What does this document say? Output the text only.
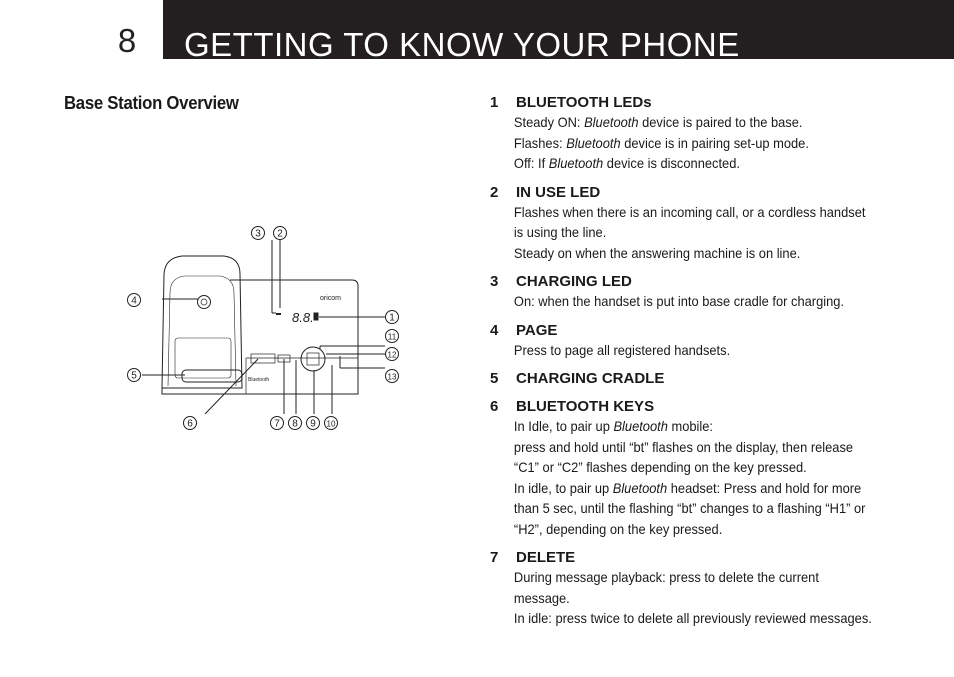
8	GETTING TO KNOW YOUR PHONE
Base Station Overview
8.8.
oricom
Bluetooth
1
2
3
4
5
6	7 8 9 10
11
12
13
1	BLUETOOTH LEDs
Steady ON: Bluetooth device is paired to the base.
Flashes: Bluetooth device is in pairing set-up mode.
Off: If Bluetooth device is disconnected.
2	IN USE LED
Flashes when there is an incoming call, or a cordless handset
is using the line.
Steady on when the answering machine is on line.
3	CHARGING LED
On: when the handset is put into base cradle for charging.
4	PAGE
Press to page all registered handsets.
5	CHARGING CRADLE
6	BLUETOOTH KEYS
In Idle, to pair up Bluetooth mobile:
press and hold until “bt” flashes on the display, then release
“C1” or “C2” flashes depending on the key pressed.
In idle, to pair up Bluetooth headset: Press and hold for more
than 5 sec, until the flashing “bt” changes to a flashing “H1” or
“H2”, depending on the key pressed.
7	DELETE
During message playback: press to delete the current
message.
In idle: press twice to delete all previously reviewed messages.
